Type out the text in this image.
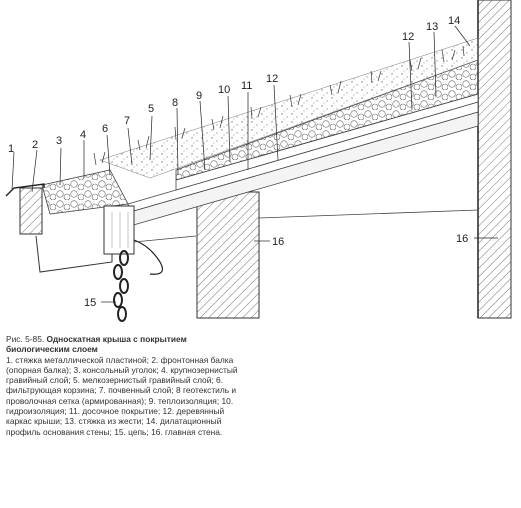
1 2 3 4
5
6
7
8
9 10 11
12
12
13 14
15
16	16

Рис. 5-85. Односкатная крыша с покрытием биологическим слоем

1. стяжка металлической пластиной; 2. фронтонная балка (опорная балка); 3. консольный уголок; 4. крупнозернистый гравийный слой; 5. мелкозернистый гравийный слой; 6. фильтрующая корзина; 7. почвенный слой; 8 геотекстиль и проволочная сетка (армированная); 9. теплоизоляция; 10. гидроизоляция; 11. досочное покрытие; 12. деревянный каркас крыши; 13. стяжка из жести; 14. дилатационный профиль основания стены; 15. цепь; 16. главная стена.
